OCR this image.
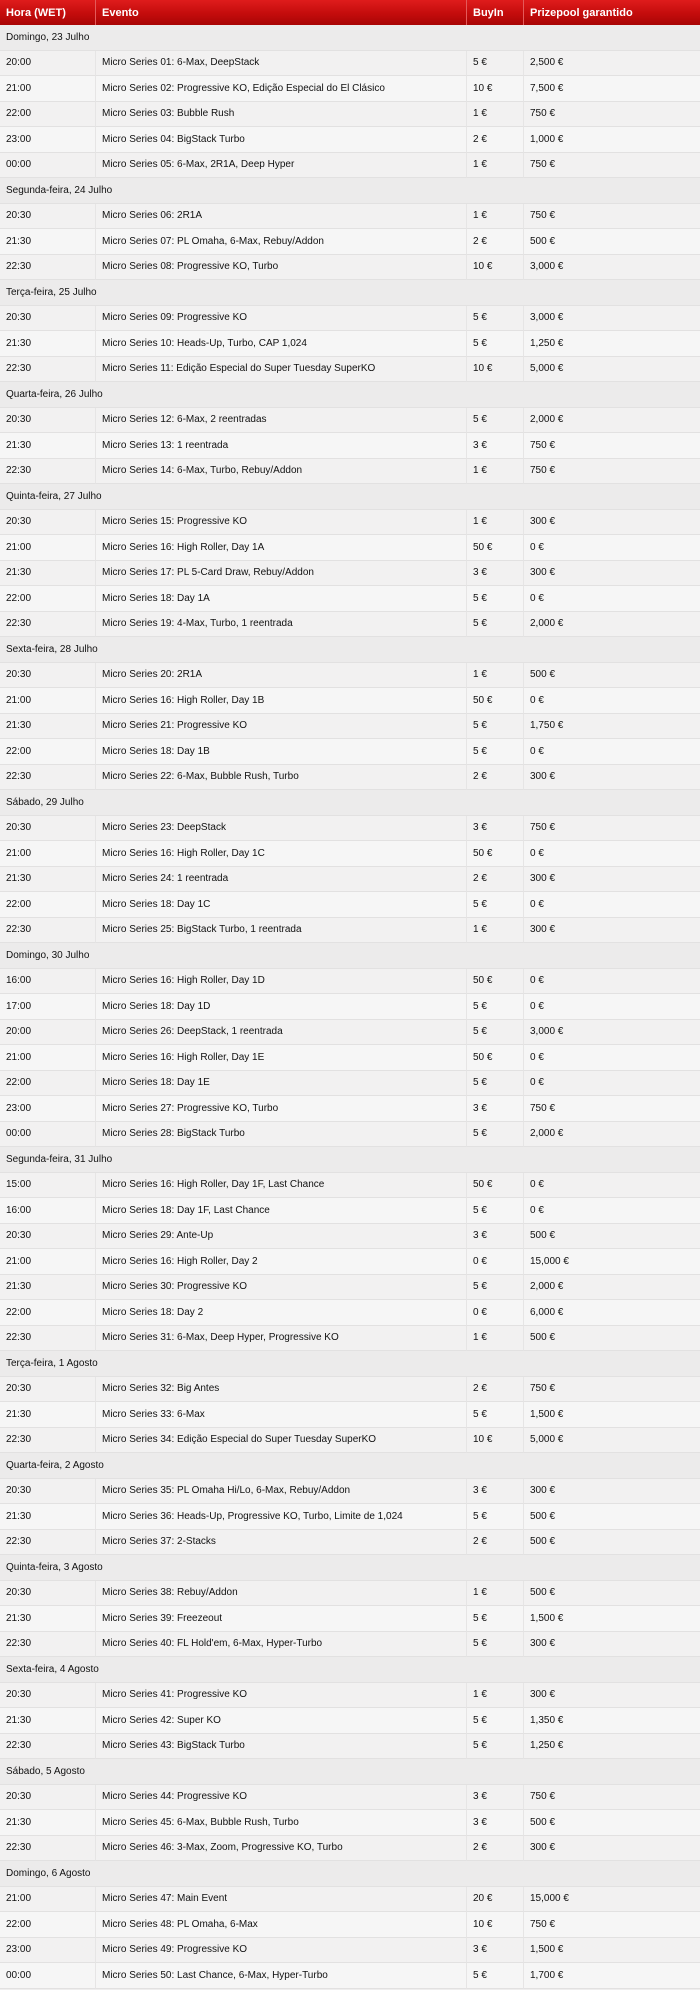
Hora (WET)	Evento	BuyIn	Prizepool garantido
Domingo, 23 Julho			
20:00	Micro Series 01: 6-Max, DeepStack	5 €	2,500 €
21:00	Micro Series 02: Progressive KO, Edição Especial do El Clásico	10 €	7,500 €
22:00	Micro Series 03: Bubble Rush	1 €	750 €
23:00	Micro Series 04: BigStack Turbo	2 €	1,000 €
00:00	Micro Series 05: 6-Max, 2R1A, Deep Hyper	1 €	750 €
Segunda-feira, 24 Julho			
20:30	Micro Series 06: 2R1A	1 €	750 €
21:30	Micro Series 07: PL Omaha, 6-Max, Rebuy/Addon	2 €	500 €
22:30	Micro Series 08: Progressive KO, Turbo	10 €	3,000 €
Terça-feira, 25 Julho			
20:30	Micro Series 09: Progressive KO	5 €	3,000 €
21:30	Micro Series 10: Heads-Up, Turbo, CAP 1,024	5 €	1,250 €
22:30	Micro Series 11: Edição Especial do Super Tuesday SuperKO	10 €	5,000 €
Quarta-feira, 26 Julho			
20:30	Micro Series 12: 6-Max, 2 reentradas	5 €	2,000 €
21:30	Micro Series 13: 1 reentrada	3 €	750 €
22:30	Micro Series 14: 6-Max, Turbo, Rebuy/Addon	1 €	750 €
Quinta-feira, 27 Julho			
20:30	Micro Series 15: Progressive KO	1 €	300 €
21:00	Micro Series 16: High Roller, Day 1A	50 €	0 €
21:30	Micro Series 17: PL 5-Card Draw, Rebuy/Addon	3 €	300 €
22:00	Micro Series 18: Day 1A	5 €	0 €
22:30	Micro Series 19: 4-Max, Turbo, 1 reentrada	5 €	2,000 €
Sexta-feira, 28 Julho			
20:30	Micro Series 20: 2R1A	1 €	500 €
21:00	Micro Series 16: High Roller, Day 1B	50 €	0 €
21:30	Micro Series 21: Progressive KO	5 €	1,750 €
22:00	Micro Series 18: Day 1B	5 €	0 €
22:30	Micro Series 22: 6-Max, Bubble Rush, Turbo	2 €	300 €
Sábado, 29 Julho			
20:30	Micro Series 23: DeepStack	3 €	750 €
21:00	Micro Series 16: High Roller, Day 1C	50 €	0 €
21:30	Micro Series 24: 1 reentrada	2 €	300 €
22:00	Micro Series 18: Day 1C	5 €	0 €
22:30	Micro Series 25: BigStack Turbo, 1 reentrada	1 €	300 €
Domingo, 30 Julho			
16:00	Micro Series 16: High Roller, Day 1D	50 €	0 €
17:00	Micro Series 18: Day 1D	5 €	0 €
20:00	Micro Series 26: DeepStack, 1 reentrada	5 €	3,000 €
21:00	Micro Series 16: High Roller, Day 1E	50 €	0 €
22:00	Micro Series 18: Day 1E	5 €	0 €
23:00	Micro Series 27: Progressive KO, Turbo	3 €	750 €
00:00	Micro Series 28: BigStack Turbo	5 €	2,000 €
Segunda-feira, 31 Julho			
15:00	Micro Series 16: High Roller, Day 1F, Last Chance	50 €	0 €
16:00	Micro Series 18: Day 1F, Last Chance	5 €	0 €
20:30	Micro Series 29: Ante-Up	3 €	500 €
21:00	Micro Series 16: High Roller, Day 2	0 €	15,000 €
21:30	Micro Series 30: Progressive KO	5 €	2,000 €
22:00	Micro Series 18: Day 2	0 €	6,000 €
22:30	Micro Series 31: 6-Max, Deep Hyper, Progressive KO	1 €	500 €
Terça-feira, 1 Agosto			
20:30	Micro Series 32: Big Antes	2 €	750 €
21:30	Micro Series 33: 6-Max	5 €	1,500 €
22:30	Micro Series 34: Edição Especial do Super Tuesday SuperKO	10 €	5,000 €
Quarta-feira, 2 Agosto			
20:30	Micro Series 35: PL Omaha Hi/Lo, 6-Max, Rebuy/Addon	3 €	300 €
21:30	Micro Series 36: Heads-Up, Progressive KO, Turbo, Limite de 1,024	5 €	500 €
22:30	Micro Series 37: 2-Stacks	2 €	500 €
Quinta-feira, 3 Agosto			
20:30	Micro Series 38: Rebuy/Addon	1 €	500 €
21:30	Micro Series 39: Freezeout	5 €	1,500 €
22:30	Micro Series 40: FL Hold'em, 6-Max, Hyper-Turbo	5 €	300 €
Sexta-feira, 4 Agosto			
20:30	Micro Series 41: Progressive KO	1 €	300 €
21:30	Micro Series 42: Super KO	5 €	1,350 €
22:30	Micro Series 43: BigStack Turbo	5 €	1,250 €
Sábado, 5 Agosto			
20:30	Micro Series 44: Progressive KO	3 €	750 €
21:30	Micro Series 45: 6-Max, Bubble Rush, Turbo	3 €	500 €
22:30	Micro Series 46: 3-Max, Zoom, Progressive KO, Turbo	2 €	300 €
Domingo, 6 Agosto			
21:00	Micro Series 47: Main Event	20 €	15,000 €
22:00	Micro Series 48: PL Omaha, 6-Max	10 €	750 €
23:00	Micro Series 49: Progressive KO	3 €	1,500 €
00:00	Micro Series 50: Last Chance, 6-Max, Hyper-Turbo	5 €	1,700 €
